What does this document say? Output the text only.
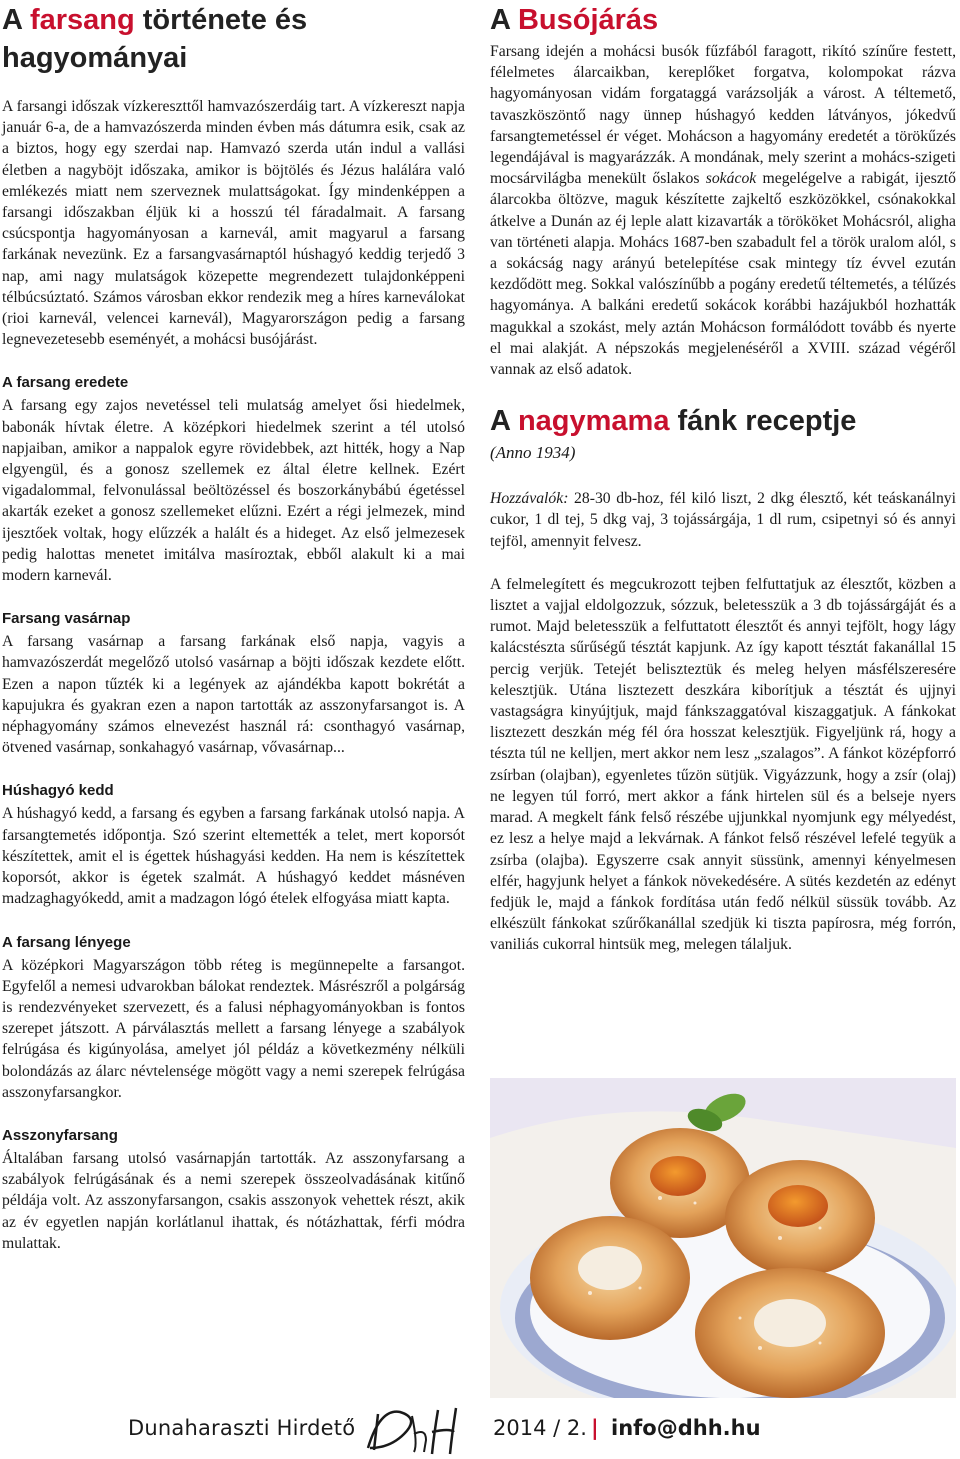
A farsang története és hagyományai

A farsangi időszak vízkereszttől hamvazószerdáig tart. A vízkereszt napja január 6-a, de a hamvazószerda minden évben más dátumra esik, csak az a biztos, hogy egy szerdai nap. Hamvazó szerda után indul a vallási életben a nagyböjt időszaka, amikor is böjtölés és Jézus halálára való emlékezés miatt nem szerveznek mulattságokat. Így mindenképpen a farsangi időszakban éljük ki a hosszú tél fáradalmait. A farsang csúcspontja hagyományosan a karnevál, amit magyarul a farsang farkának nevezünk. Ez a farsangvasárnaptól húshagyó keddig terjedő 3 nap, ami nagy mulatságok közepette megrendezett tulajdonképpeni télbúcsúztató. Számos városban ekkor rendezik meg a híres karneválokat (rioi karnevál, velencei karnevál), Magyarországon pedig a farsang legnevezetesebb eseményét, a mohácsi busójárást.

A farsang eredete

A farsang egy zajos nevetéssel teli mulatság amelyet ősi hiedelmek, babonák hívtak életre. A középkori hiedelmek szerint a tél utolsó napjaiban, amikor a nappalok egyre rövidebbek, azt hitték, hogy a Nap elgyengül, és a gonosz szellemek ez által életre kellnek. Ezért vigadalommal, felvonulással beöltözéssel és boszorkánybábú égetéssel akarták ezeket a gonosz szellemeket elűzni. Ezért a régi jelmezek, mind ijesztőek voltak, hogy elűzzék a halált és a hideget. Az első jelmezesek pedig halottas menetet imitálva masíroztak, ebből alakult ki a mai modern karnevál.

Farsang vasárnap

A farsang vasárnap a farsang farkának első napja, vagyis a hamvazószerdát megelőző utolsó vasárnap a böjti időszak kezdete előtt. Ezen a napon tűzték ki a legények az ajándékba kapott bokrétát a kapujukra és gyakran ezen a napon tartották az asszonyfarsangot is. A néphagyomány számos elnevezést használ rá: csonthagyó vasárnap, ötvened vasárnap, sonkahagyó vasárnap, vővasárnap...

Húshagyó kedd

A húshagyó kedd, a farsang és egyben a farsang farkának utolsó napja. A farsangtemetés időpontja. Szó szerint eltemették a telet, mert koporsót készítettek, amit el is égettek húshagyási kedden. Ha nem is készítettek koporsót, akkor is égetek szalmát. A húshagyó keddet másnéven madzaghagyókedd, amit a madzagon lógó ételek elfogyása miatt kapta.

A farsang lényege

A középkori Magyarszágon több réteg is megünnepelte a farsangot. Egyfelől a nemesi udvarokban bálokat rendeztek. Másrészről a polgárság is rendezvényeket szervezett, és a falusi néphagyományokban is fontos szerepet játszott. A párválasztás mellett a farsang lényege a szabályok felrúgása és kigúnyolása, amelyet jól példáz a következmény nélküli bolondázás az álarc névtelensége mögött vagy a nemi szerepek felrúgása asszonyfarsangkor.

Asszonyfarsang

Általában farsang utolsó vasárnapján tartották. Az asszonyfarsang a szabályok felrúgásának és a nemi szerepek összeolvadásának kitűnő példája volt. Az asszonyfarsangon, csakis asszonyok vehettek részt, akik az év egyetlen napján korlátlanul ihattak, és nótázhattak, férfi módra mulattak.

A Busójárás

Farsang idején a mohácsi busók fűzfából faragott, rikító színűre festett, félelmetes álarcaikban, kereplőket forgatva, kolompokat rázva hagyományosan vidám forgataggá varázsolják a várost. A téltemető, tavaszköszöntő nagy ünnep húshagyó kedden látványos, jókedvű farsangtemetéssel ér véget. Mohácson a hagyomány eredetét a törökűzés legendájával is magyarázzák. A mondának, mely szerint a mohács-szigeti mocsárvilágba menekült őslakos sokácok megelégelve a rabigát, ijesztő álarcokba öltözve, maguk készítette zajkeltő eszközökkel, csónakokkal átkelve a Dunán az éj leple alatt kizavarták a törököket Mohácsról, aligha van történeti alapja. Mohács 1687-ben szabadult fel a török uralom alól, s a sokácság nagy arányú betelepítése csak mintegy tíz évvel ezután kezdődött meg. Sokkal valószínűbb a pogány eredetű téltemetés, a télűzés hagyománya. A balkáni eredetű sokácok korábbi hazájukból hozhatták magukkal a szokást, mely aztán Mohácson formálódott tovább és nyerte el mai alakját. A népszokás megjelenéséről a XVIII. század végéről vannak az első adatok.

A nagymama fánk receptje

(Anno 1934)

Hozzávalók: 28-30 db-hoz, fél kiló liszt, 2 dkg élesztő, két teáskanálnyi cukor, 1 dl tej, 5 dkg vaj, 3 tojássárgája, 1 dl rum, csipetnyi só és annyi tejföl, amennyit felvesz.

A felmelegített és megcukrozott tejben felfuttatjuk az élesztőt, közben a lisztet a vajjal eldolgozzuk, sózzuk, beletesszük a 3 db tojássárgáját és a rumot. Majd beletesszük a felfuttatott élesztőt és annyi tejfölt, hogy lágy kalácstészta sűrűségű tésztát kapjunk. Az így kapott tésztát fakanállal 15 percig verjük. Tetejét beliszteztük és meleg helyen másfélszeresére kelesztjük. Utána lisztezett deszkára kiborítjuk a tésztát és ujjnyi vastagságra kinyújtjuk, majd fánkszaggatóval kiszaggatjuk. A fánkokat lisztezett deszkán még fél óra hosszat kelesztjük. Figyeljünk rá, hogy a tészta túl ne kelljen, mert akkor nem lesz „szalagos”. A fánkot középforró zsírban (olajban), egyenletes tűzön sütjük. Vigyázzunk, hogy a zsír (olaj) ne legyen túl forró, mert akkor a fánk hirtelen sül és a belseje nyers marad. A megkelt fánk felső részébe ujjunkkal nyomjunk egy mélyedést, ez lesz a helye majd a lekvárnak. A fánkot felső részével lefelé tegyük a zsírba (olajba). Egyszerre csak annyit süssünk, amennyi kényelmesen elfér, hagyjunk helyet a fánkok növekedésére. A sütés kezdetén az edényt fedjük le, majd a fánkok fordítása után fedő nélkül süssük tovább. Az elkészült fánkokat szűrőkanállal szedjük ki tiszta papírosra, még forrón, vaniliás cukorral hintsük meg, melegen tálaljuk.

Dunaharaszti Hirdető	2014 / 2. | info@dhh.hu
